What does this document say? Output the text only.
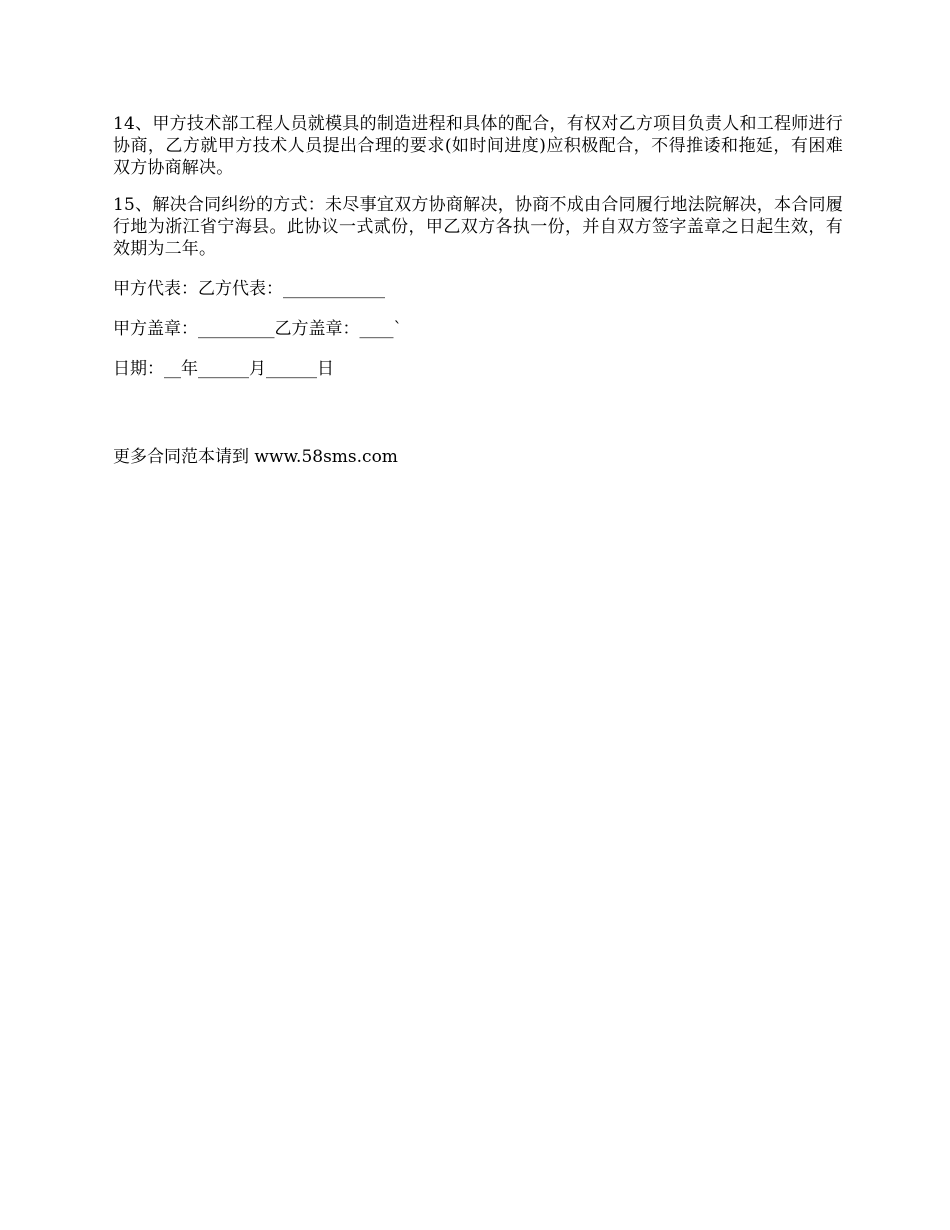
14、甲方技术部工程人员就模具的制造进程和具体的配合，有权对乙方项目负责人和工程师进行协商，乙方就甲方技术人员提出合理的要求(如时间进度)应积极配合，不得推诿和拖延，有困难双方协商解决。

15、解决合同纠纷的方式：未尽事宜双方协商解决，协商不成由合同履行地法院解决，本合同履行地为浙江省宁海县。此协议一式贰份，甲乙双方各执一份，并自双方签字盖章之日起生效，有效期为二年。

甲方代表：乙方代表：____________
甲方盖章：_________乙方盖章：____`
日期：__年______月______日
更多合同范本请到 www.58sms.com
